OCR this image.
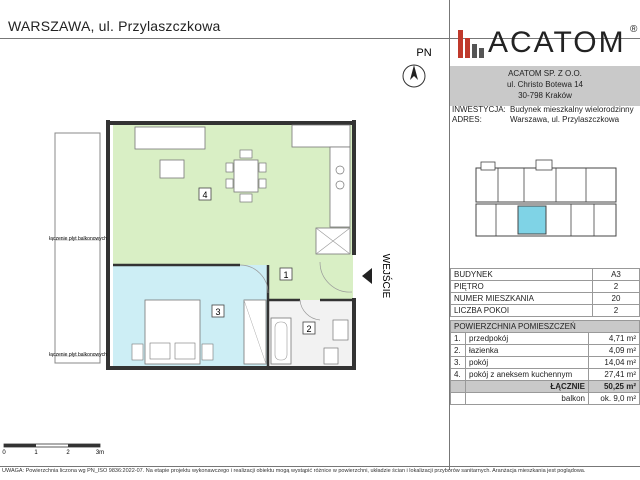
WARSZAWA, ul. Przylaszczkowa
4
3
1
2
łączenie płyt balkonowych
łączenie płyt balkonowych
WEJŚCIE
PN
0	1	2	3m
ACATOM ®
ACATOM SP. Z O.O.
ul. Christo Botewa 14
30-798 Kraków
INWESTYCJA: Budynek mieszkalny wielorodzinny
ADRES:	Warszawa, ul. Przylaszczkowa
BUDYNEK	A3
PIĘTRO	2
NUMER MIESZKANIA	20
LICZBA POKOI	2
POWIERZCHNIA POMIESZCZEŃ		
1.	przedpokój	4,71 m²
2.	łazienka	4,09 m²
3.	pokój	14,04 m²
4.	pokój z aneksem kuchennym	27,41 m²
	ŁĄCZNIE	50,25 m²
	balkon	ok. 9,0 m²
UWAGA: Powierzchnia liczona wg PN_ISO 9836:2022-07. Na etapie projektu wykonawczego i realizacji obiektu mogą wystąpić różnice w powierzchni, układzie ścian i lokalizacji przyborów sanitarnych. Aranżacja mieszkania jest poglądowa.
